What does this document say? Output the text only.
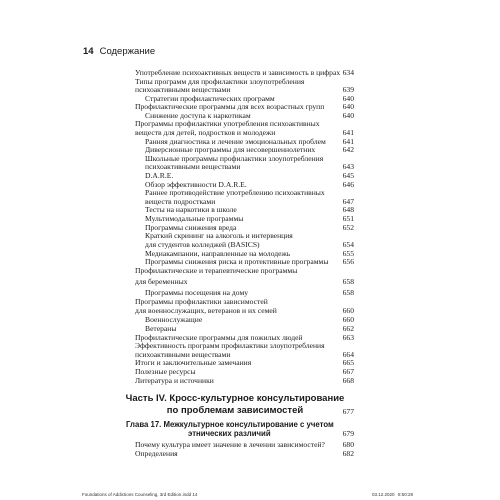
14 Содержание
Употребление психоактивных веществ и зависимость в цифрах 634
Типы программ для профилактики злоупотребления
психоактивными веществами	639
Стратегии профилактических программ	640
Профилактические программы для всех возрастных групп 640
Снижение доступа к наркотикам	640
Программы профилактики употребления психоактивных
веществ для детей, подростков и молодежи	641
Ранняя диагностика и лечение эмоциональных проблем 641
Диверсионные программы для несовершеннолетних	642
Школьные программы профилактики злоупотребления
психоактивными веществами	643
D.A.R.E.	645
Обзор эффективности D.A.R.E.	646
Раннее противодействие употреблению психоактивных
веществ подростками	647
Тесты на наркотики в школе	648
Мультимодальные программы	651
Программы снижения вреда	652
Краткий скрининг на алкоголь и интервенция
для студентов колледжей (BASICS)	654
Медиакампании, направленные на молодежь	655
Программы снижения риска и протективные программы 656
Профилактические и терапевтические программы
для беременных	658
Программы посещения на дому	658
Программы профилактики зависимостей
для военнослужащих, ветеранов и их семей	660
Военнослужащие	660
Ветераны	662
Профилактические программы для пожилых людей	663
Эффективность программ профилактики злоупотребления
психоактивными веществами	664
Итоги и заключительные замечания	665
Полезные ресурсы	667
Литература и источники	668
Часть IV. Кросс-культурное консультирование
по проблемам зависимостей	677
Глава 17. Межкультурное консультирование с учетом
этнических различий	679
Почему культура имеет значение в лечении зависимостей? 680
Определения	682
Foundations of Addictions Counseling, 3rd Edition.indd 14	03.12.2020 8:50:28
